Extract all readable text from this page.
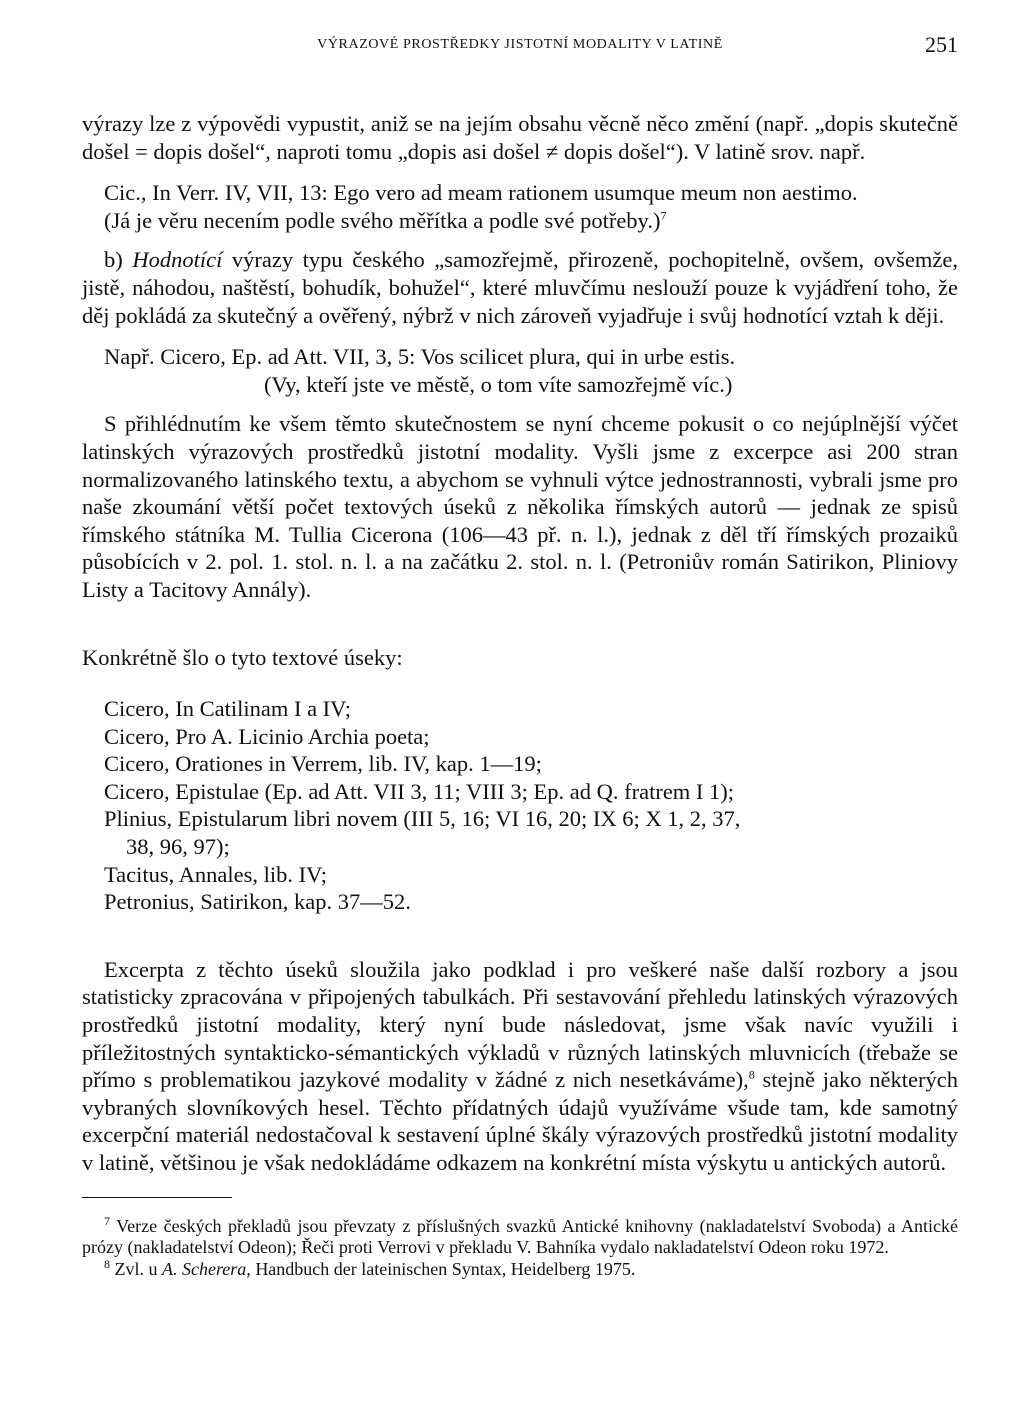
VÝRAZOVÉ PROSTŘEDKY JISTOTNÍ MODALITY V LATINĚ	251

výrazy lze z výpovědi vypustit, aniž se na jejím obsahu věcně něco změní (např. „dopis skutečně došel = dopis došel“, naproti tomu „dopis asi došel ≠ dopis došel“). V latině srov. např.

Cic., In Verr. IV, VII, 13: Ego vero ad meam rationem usumque meum non aestimo.

(Já je věru necením podle svého měřítka a podle své potřeby.)$^7$

b) Hodnotící výrazy typu českého „samozřejmě, přirozeně, pochopitelně, ovšem, ovšemže, jistě, náhodou, naštěstí, bohudík, bohužel“, které mluvčímu neslouží pouze k vyjádření toho, že děj pokládá za skutečný a ověřený, nýbrž v nich zároveň vyjadřuje i svůj hodnotící vztah k ději.

Např. Cicero, Ep. ad Att. VII, 3, 5: Vos scilicet plura, qui in urbe estis.

(Vy, kteří jste ve městě, o tom víte samozřejmě víc.)

S přihlédnutím ke všem těmto skutečnostem se nyní chceme pokusit o co nejúplnější výčet latinských výrazových prostředků jistotní modality. Vyšli jsme z excerpce asi 200 stran normalizovaného latinského textu, a abychom se vyhnuli výtce jednostrannosti, vybrali jsme pro naše zkoumání větší počet textových úseků z několika římských autorů — jednak ze spisů římského státníka M. Tullia Cicerona (106—43 př. n. l.), jednak z děl tří římských prozaiků působících v 2. pol. 1. stol. n. l. a na začátku 2. stol. n. l. (Petroniův román Satirikon, Pliniovy Listy a Tacitovy Annály).

Konkrétně šlo o tyto textové úseky:

Cicero, In Catilinam I a IV;
Cicero, Pro A. Licinio Archia poeta;
Cicero, Orationes in Verrem, lib. IV, kap. 1—19;
Cicero, Epistulae (Ep. ad Att. VII 3, 11; VIII 3; Ep. ad Q. fratrem I 1);
Plinius, Epistularum libri novem (III 5, 16; VI 16, 20; IX 6; X 1, 2, 37,
38, 96, 97);
Tacitus, Annales, lib. IV;
Petronius, Satirikon, kap. 37—52.

Excerpta z těchto úseků sloužila jako podklad i pro veškeré naše další rozbory a jsou statisticky zpracována v připojených tabulkách. Při sestavování přehledu latinských výrazových prostředků jistotní modality, který nyní bude následovat, jsme však navíc využili i příležitostných syntakticko-sémantických výkladů v různých latinských mluvnicích (třebaže se přímo s problematikou jazykové modality v žádné z nich nesetkáváme),$^8$ stejně jako některých vybraných slovníkových hesel. Těchto přídatných údajů využíváme všude tam, kde samotný excerpční materiál nedostačoval k sestavení úplné škály výrazových prostředků jistotní modality v latině, většinou je však nedokládáme odkazem na konkrétní místa výskytu u antických autorů.

$^7$ Verze českých překladů jsou převzaty z příslušných svazků Antické knihovny (nakladatelství Svoboda) a Antické prózy (nakladatelství Odeon); Řeči proti Verrovi v překladu V. Bahníka vydalo nakladatelství Odeon roku 1972.

$^8$ Zvl. u A. Scherera, Handbuch der lateinischen Syntax, Heidelberg 1975.
